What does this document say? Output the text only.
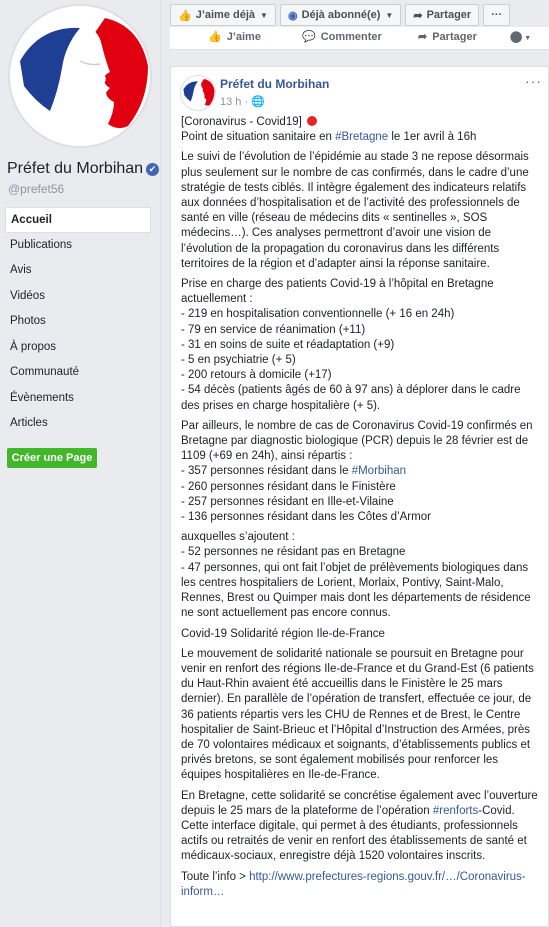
Préfet du Morbihan ✔
@prefet56
Accueil
Publications
Avis
Vidéos
Photos
À propos
Communauté
Évènements
Articles
Créer une Page
👍 J’aime déjà ▼ ◉ Déjà abonné(e) ▼ ➦ Partager	···
👍 J’aime	💬 Commenter	➦ Partager	⬤ ▼
Préfet du Morbihan
13 h · 🌐
···

[Coronavirus - Covid19]
Point de situation sanitaire en #Bretagne le 1er avril à 16h

Le suivi de l’évolution de l’épidémie au stade 3 ne repose désormais plus seulement sur le nombre de cas confirmés, dans le cadre d’une stratégie de tests ciblés. Il intègre également des indicateurs relatifs aux données d’hospitalisation et de l’activité des professionnels de santé en ville (réseau de médecins dits « sentinelles », SOS médecins…). Ces analyses permettront d’avoir une vision de l’évolution de la propagation du coronavirus dans les différents territoires de la région et d’adapter ainsi la réponse sanitaire.

Prise en charge des patients Covid-19 à l’hôpital en Bretagne actuellement :
- 219 en hospitalisation conventionnelle (+ 16 en 24h)
- 79 en service de réanimation (+11)
- 31 en soins de suite et réadaptation (+9)
- 5 en psychiatrie (+ 5)
- 200 retours à domicile (+17)
- 54 décès (patients âgés de 60 à 97 ans) à déplorer dans le cadre des prises en charge hospitalière (+ 5).

Par ailleurs, le nombre de cas de Coronavirus Covid-19 confirmés en Bretagne par diagnostic biologique (PCR) depuis le 28 février est de 1109 (+69 en 24h), ainsi répartis :
- 357 personnes résidant dans le #Morbihan
- 260 personnes résidant dans le Finistère
- 257 personnes résidant en Ille-et-Vilaine
- 136 personnes résidant dans les Côtes d’Armor

auxquelles s’ajoutent :
- 52 personnes ne résidant pas en Bretagne
- 47 personnes, qui ont fait l’objet de prélèvements biologiques dans les centres hospitaliers de Lorient, Morlaix, Pontivy, Saint-Malo, Rennes, Brest ou Quimper mais dont les départements de résidence ne sont actuellement pas encore connus.

Covid-19 Solidarité région Ile-de-France

Le mouvement de solidarité nationale se poursuit en Bretagne pour venir en renfort des régions Ile-de-France et du Grand-Est (6 patients du Haut-Rhin avaient été accueillis dans le Finistère le 25 mars dernier). En parallèle de l’opération de transfert, effectuée ce jour, de 36 patients répartis vers les CHU de Rennes et de Brest, le Centre hospitalier de Saint-Brieuc et l’Hôpital d’Instruction des Armées, près de 70 volontaires médicaux et soignants, d’établissements publics et privés bretons, se sont également mobilisés pour renforcer les équipes hospitalières en Ile-de-France.

En Bretagne, cette solidarité se concrétise également avec l’ouverture depuis le 25 mars de la plateforme de l’opération #renforts-Covid. Cette interface digitale, qui permet à des étudiants, professionnels actifs ou retraités de venir en renfort des établissements de santé et médicaux-sociaux, enregistre déjà 1520 volontaires inscrits.

Toute l’info > http://www.prefectures-regions.gouv.fr/…/Coronavirus-inform…
